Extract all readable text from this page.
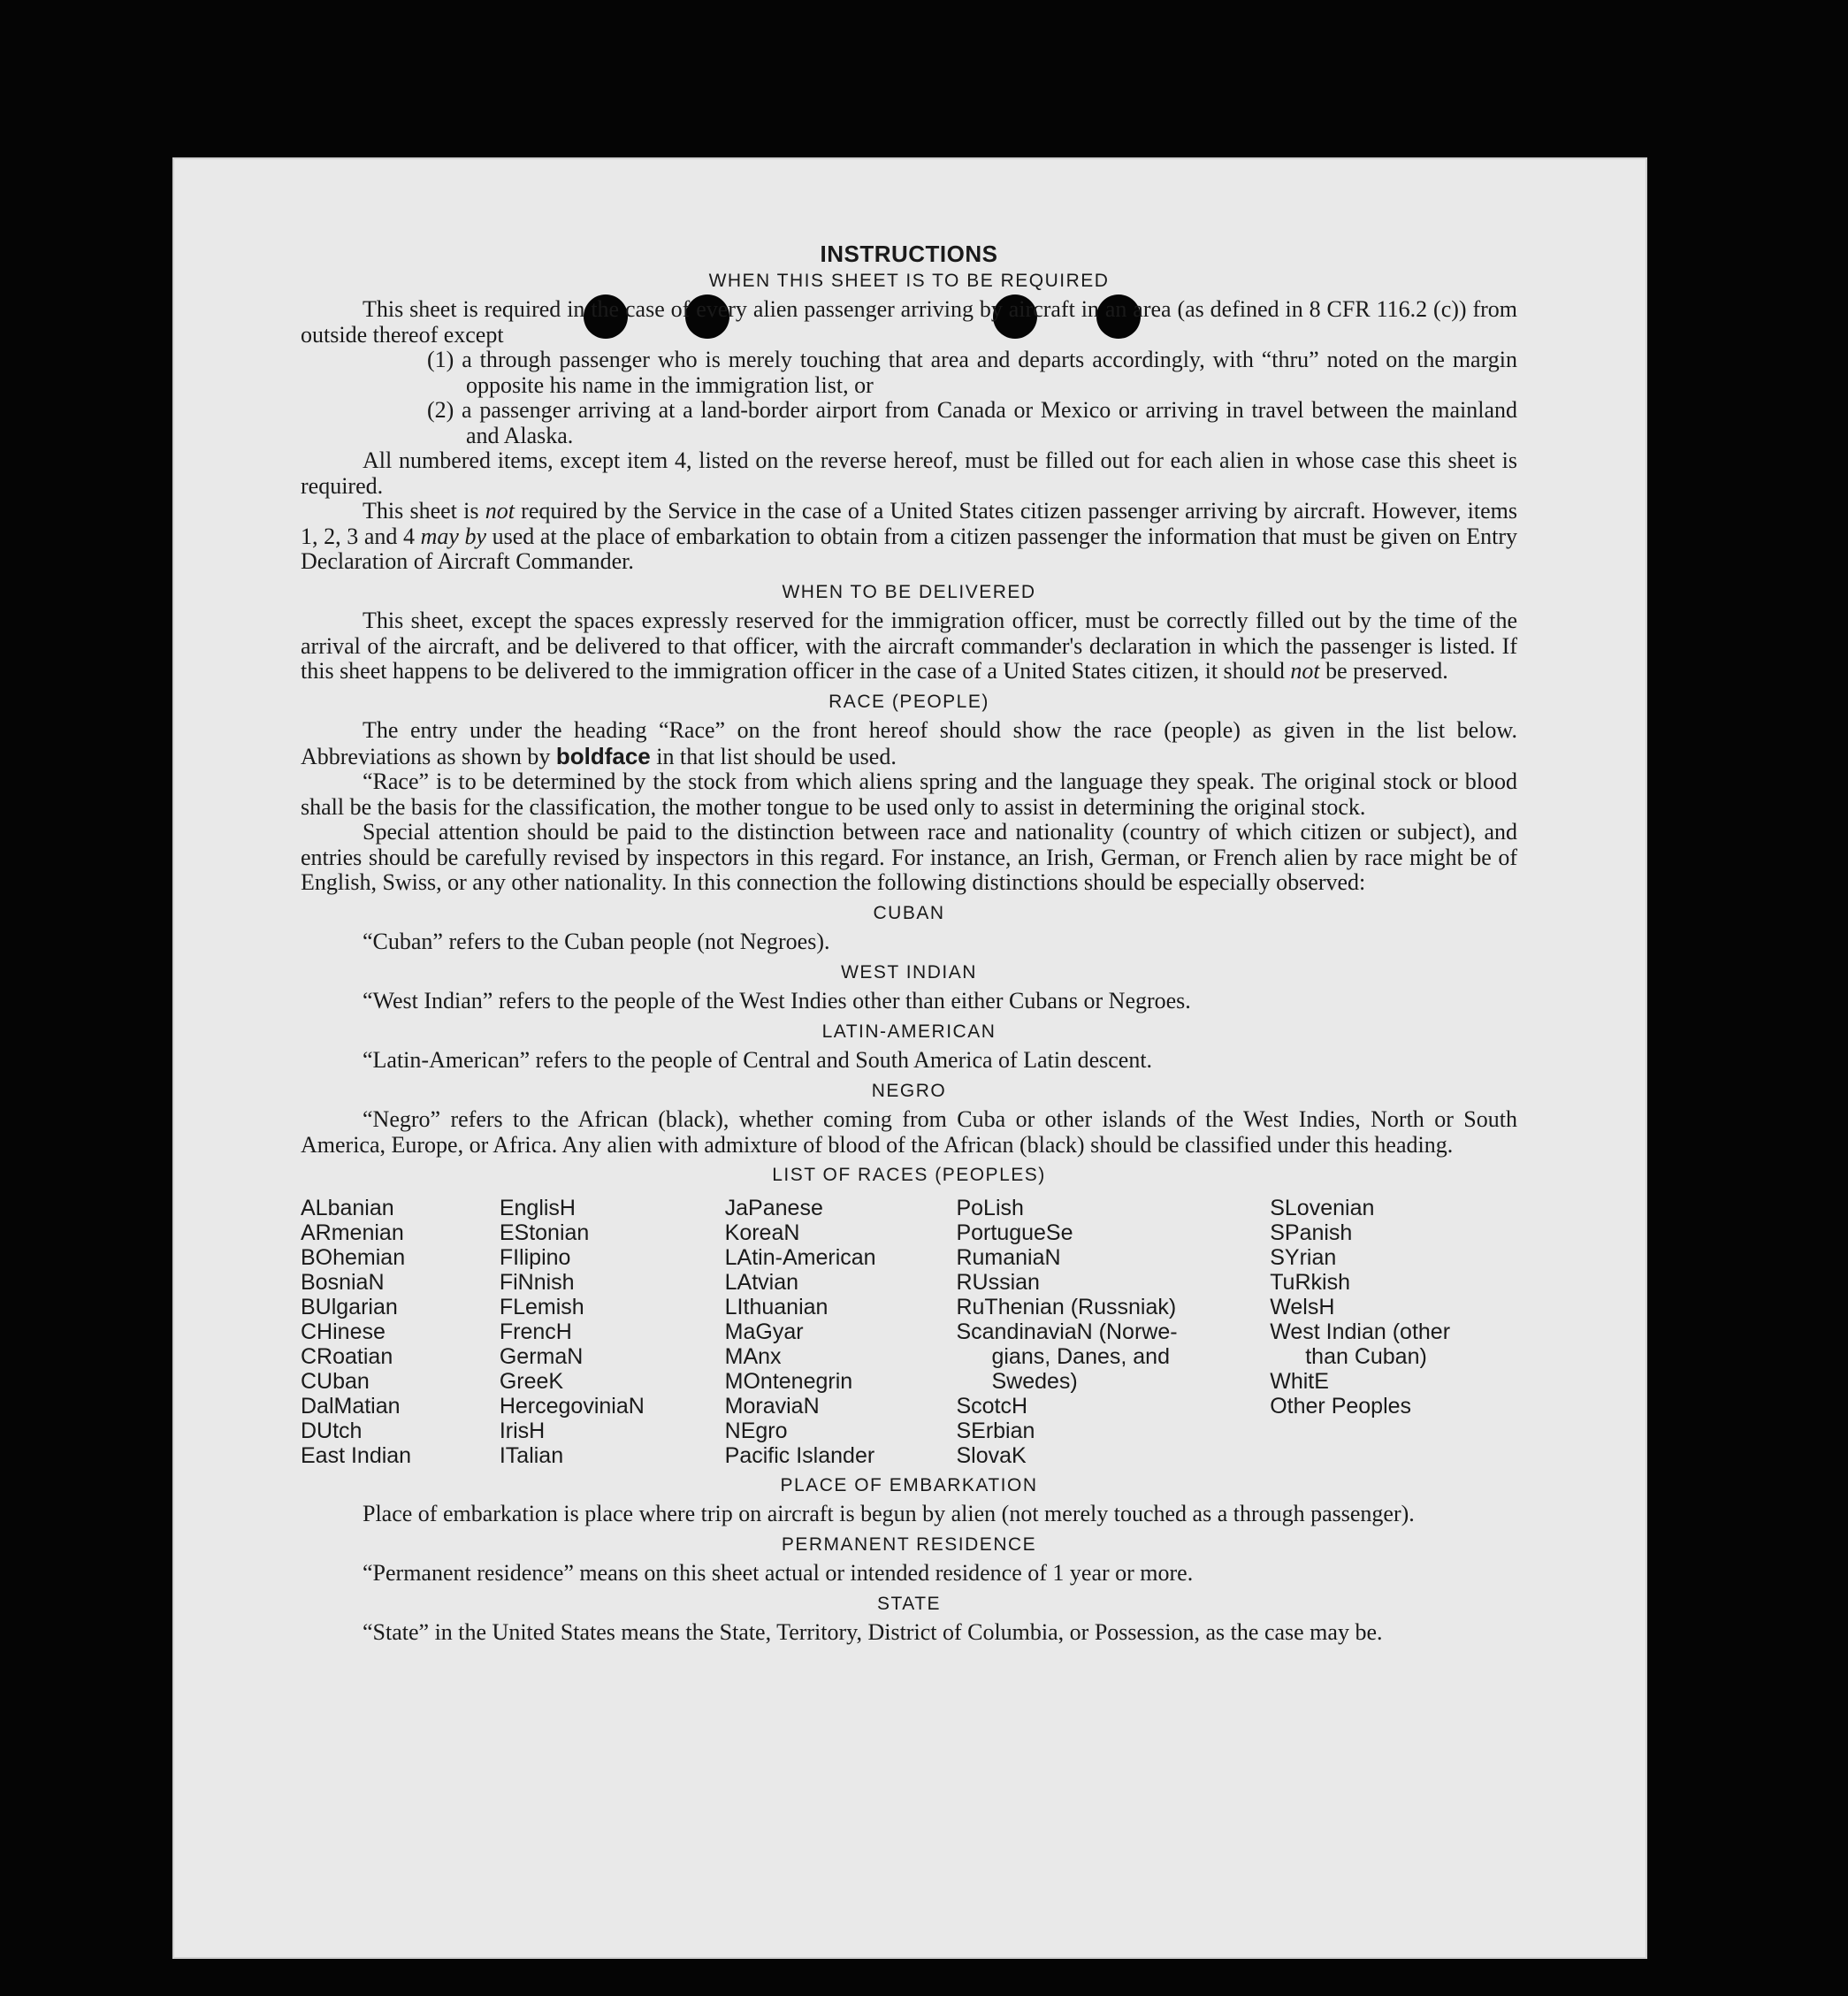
INSTRUCTIONS
WHEN THIS SHEET IS TO BE REQUIRED

This sheet is required in the case of every alien passenger arriving by aircraft in an area (as defined in 8 CFR 116.2 (c)) from outside thereof except

(1) a through passenger who is merely touching that area and departs accordingly, with “thru” noted on the margin opposite his name in the immigration list, or

(2) a passenger arriving at a land-border airport from Canada or Mexico or arriving in travel between the mainland and Alaska.

All numbered items, except item 4, listed on the reverse hereof, must be filled out for each alien in whose case this sheet is required.

This sheet is not required by the Service in the case of a United States citizen passenger arriving by aircraft. However, items 1, 2, 3 and 4 may by used at the place of embarkation to obtain from a citizen passenger the information that must be given on Entry Declaration of Aircraft Commander.

WHEN TO BE DELIVERED

This sheet, except the spaces expressly reserved for the immigration officer, must be correctly filled out by the time of the arrival of the aircraft, and be delivered to that officer, with the aircraft commander's declaration in which the passenger is listed. If this sheet happens to be delivered to the immigration officer in the case of a United States citizen, it should not be preserved.

RACE (PEOPLE)

The entry under the heading “Race” on the front hereof should show the race (people) as given in the list below. Abbreviations as shown by boldface in that list should be used.

“Race” is to be determined by the stock from which aliens spring and the language they speak. The original stock or blood shall be the basis for the classification, the mother tongue to be used only to assist in determining the original stock.

Special attention should be paid to the distinction between race and nationality (country of which citizen or subject), and entries should be carefully revised by inspectors in this regard. For instance, an Irish, German, or French alien by race might be of English, Swiss, or any other nationality. In this connection the following distinctions should be especially observed:

CUBAN

“Cuban” refers to the Cuban people (not Negroes).

WEST INDIAN

“West Indian” refers to the people of the West Indies other than either Cubans or Negroes.

LATIN-AMERICAN

“Latin-American” refers to the people of Central and South America of Latin descent.

NEGRO

“Negro” refers to the African (black), whether coming from Cuba or other islands of the West Indies, North or South America, Europe, or Africa. Any alien with admixture of blood of the African (black) should be classified under this heading.

LIST OF RACES (PEOPLES)
ALbanian
ARmenian
BOhemian
BosniaN
BUlgarian
CHinese
CRoatian
CUban
DalMatian
DUtch
East Indian
EnglisH
EStonian
FIlipino
FiNnish
FLemish
FrencH
GermaN
GreeK
HercegoviniaN
IrisH
ITalian
JaPanese
KoreaN
LAtin-American
LAtvian
LIthuanian
MaGyar
MAnx
MOntenegrin
MoraviaN
NEgro
Pacific Islander
PoLish
PortugueSe
RumaniaN
RUssian
RuThenian (Russniak)
ScandinaviaN (Norwe-
gians, Danes, and
Swedes)
ScotcH
SErbian
SlovaK
SLovenian
SPanish
SYrian
TuRkish
WelsH
West Indian (other
than Cuban)
WhitE
Other Peoples
PLACE OF EMBARKATION

Place of embarkation is place where trip on aircraft is begun by alien (not merely touched as a through passenger).

PERMANENT RESIDENCE

“Permanent residence” means on this sheet actual or intended residence of 1 year or more.

STATE

“State” in the United States means the State, Territory, District of Columbia, or Possession, as the case may be.
